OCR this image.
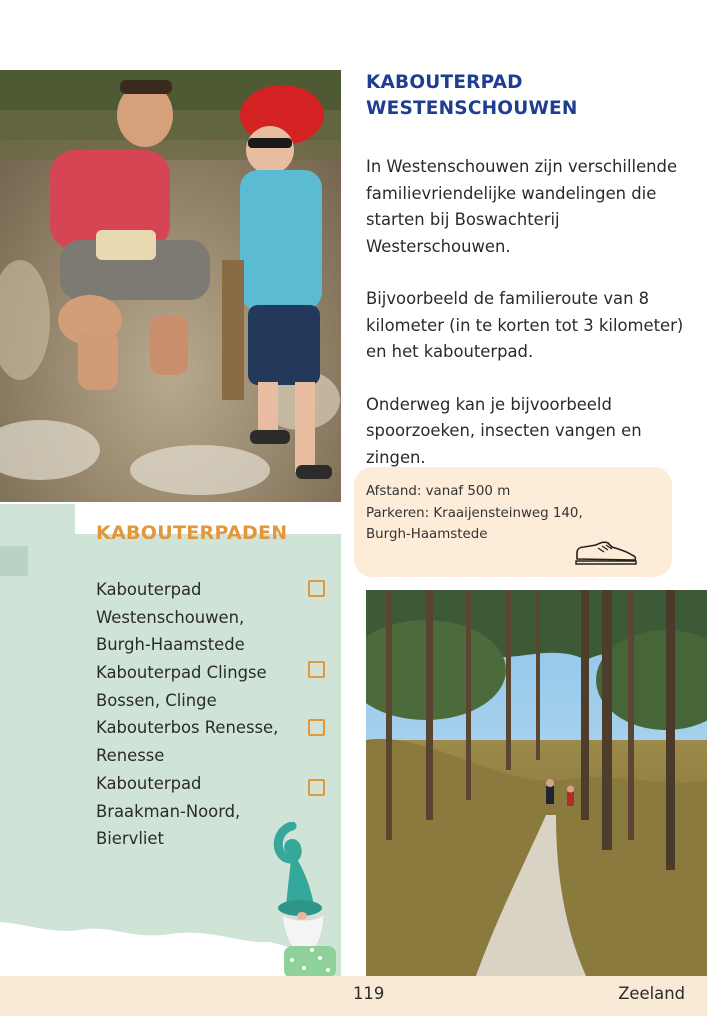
KABOUTERPAD
WESTENSCHOUWEN

In Westenschouwen zijn verschillende familievriendelijke wandelingen die starten bij Boswachterij Westerschouwen.

Bijvoorbeeld de familieroute van 8 kilometer (in te korten tot 3 kilometer) en het kabouterpad.

Onderweg kan je bijvoorbeeld spoorzoeken, insecten vangen en zingen.

Afstand: vanaf 500 m
Parkeren: Kraaijensteinweg 140,
Burgh-Haamstede
KABOUTERPADEN
Kabouterpad
Westenschouwen,
Burgh-Haamstede
Kabouterpad Clingse
Bossen, Clinge
Kabouterbos Renesse,
Renesse
Kabouterpad
Braakman-Noord,
Biervliet
119	Zeeland
